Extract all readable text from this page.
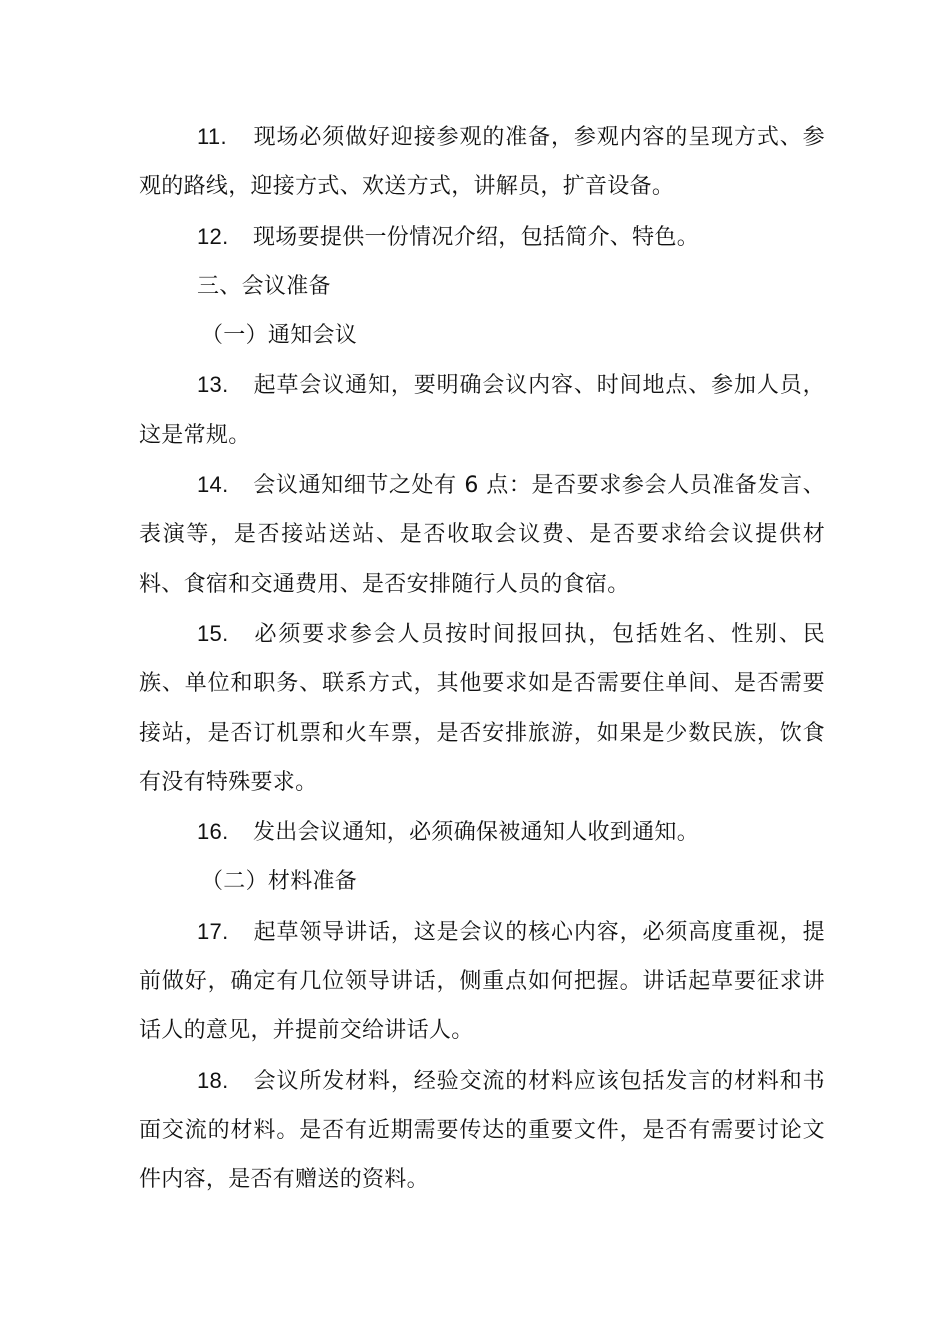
11. 现场必须做好迎接参观的准备，参观内容的呈现方式、参观的路线，迎接方式、欢送方式，讲解员，扩音设备。

12. 现场要提供一份情况介绍，包括简介、特色。

三、会议准备

（一）通知会议

13. 起草会议通知，要明确会议内容、时间地点、参加人员，这是常规。

14. 会议通知细节之处有 6 点：是否要求参会人员准备发言、表演等，是否接站送站、是否收取会议费、是否要求给会议提供材料、食宿和交通费用、是否安排随行人员的食宿。

15. 必须要求参会人员按时间报回执，包括姓名、性别、民族、单位和职务、联系方式，其他要求如是否需要住单间、是否需要接站，是否订机票和火车票，是否安排旅游，如果是少数民族，饮食有没有特殊要求。

16. 发出会议通知，必须确保被通知人收到通知。

（二）材料准备

17. 起草领导讲话，这是会议的核心内容，必须高度重视，提前做好，确定有几位领导讲话，侧重点如何把握。讲话起草要征求讲话人的意见，并提前交给讲话人。

18. 会议所发材料，经验交流的材料应该包括发言的材料和书面交流的材料。是否有近期需要传达的重要文件，是否有需要讨论文件内容，是否有赠送的资料。
